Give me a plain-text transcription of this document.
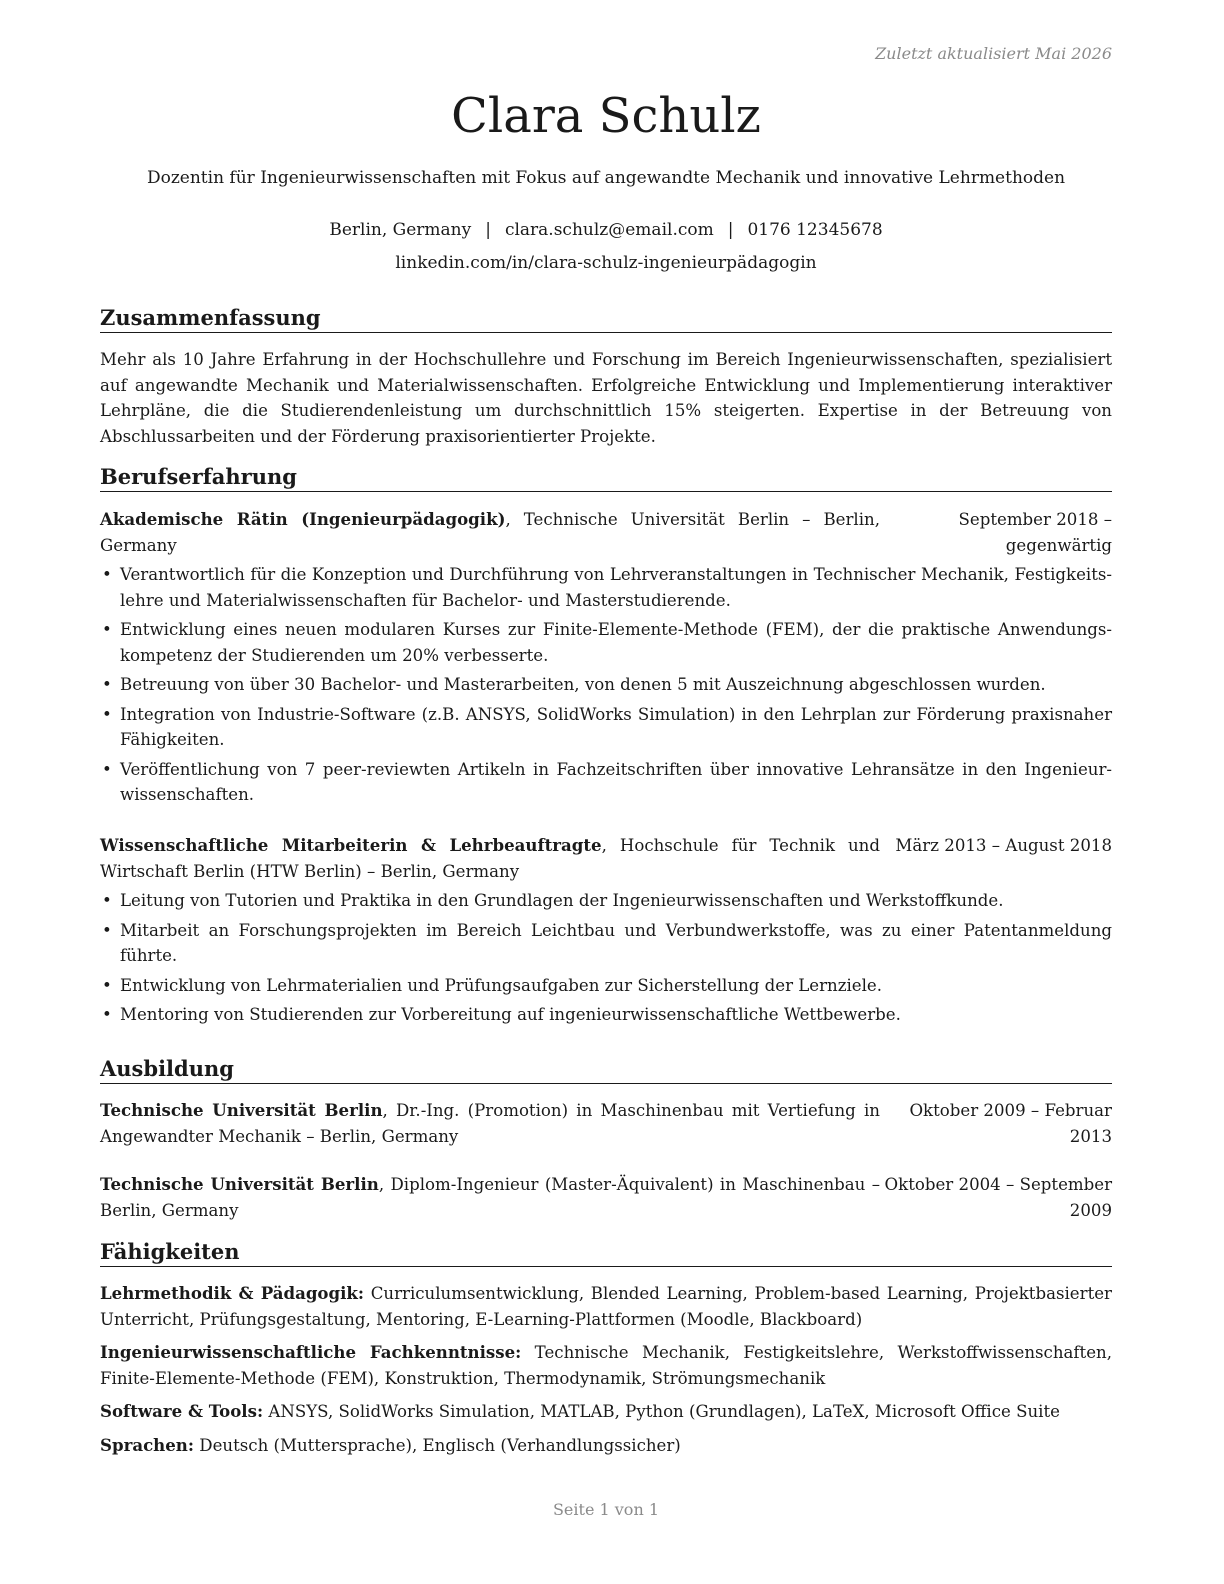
Zuletzt aktualisiert Mai 2026
Clara Schulz
Dozentin für Ingenieurwissenschaften mit Fokus auf angewandte Mechanik und innovative Lehrmethoden
Berlin, Germany | clara.schulz@email.com | 0176 12345678
linkedin.com/in/clara-schulz-ingenieurpädagogin
Zusammenfassung
Mehr als 10 Jahre Erfahrung in der Hochschullehre und Forschung im Bereich Ingenieurwissenschaften, spezialisiert auf angewandte Mechanik und Materialwissenschaften. Erfolgreiche Entwicklung und Implementierung interaktiver Lehrpläne, die die Studierendenleistung um durchschnittlich 15% steigerten. Expertise in der Betreuung von Abschlussarbeiten und der Förderung praxisorientierter Projekte.
Berufserfahrung
Akademische Rätin (Ingenieurpädagogik), Technische Universität Berlin – Berlin, Germany
September 2018 – gegenwärtig
• Verantwortlich für die Konzeption und Durchführung von Lehrveranstaltungen in Technischer Mechanik, Festigkeitslehre und Materialwissenschaften für Bachelor- und Masterstudierende.
• Entwicklung eines neuen modularen Kurses zur Finite-Elemente-Methode (FEM), der die praktische Anwendungskompetenz der Studierenden um 20% verbesserte.
• Betreuung von über 30 Bachelor- und Masterarbeiten, von denen 5 mit Auszeichnung abgeschlossen wurden.
• Integration von Industrie-Software (z.B. ANSYS, SolidWorks Simulation) in den Lehrplan zur Förderung praxisnaher Fähigkeiten.
• Veröffentlichung von 7 peer-reviewten Artikeln in Fachzeitschriften über innovative Lehransätze in den Ingenieurwissenschaften.
Wissenschaftliche Mitarbeiterin & Lehrbeauftragte, Hochschule für Technik und Wirtschaft Berlin (HTW Berlin) – Berlin, Germany
März 2013 – August 2018
• Leitung von Tutorien und Praktika in den Grundlagen der Ingenieurwissenschaften und Werkstoffkunde.
• Mitarbeit an Forschungsprojekten im Bereich Leichtbau und Verbundwerkstoffe, was zu einer Patentanmeldung führte.
• Entwicklung von Lehrmaterialien und Prüfungsaufgaben zur Sicherstellung der Lernziele.
• Mentoring von Studierenden zur Vorbereitung auf ingenieurwissenschaftliche Wettbewerbe.
Ausbildung
Technische Universität Berlin, Dr.-Ing. (Promotion) in Maschinenbau mit Vertiefung in Angewandter Mechanik – Berlin, Germany
Oktober 2009 – Februar 2013
Technische Universität Berlin, Diplom-Ingenieur (Master-Äquivalent) in Maschinenbau – Berlin, Germany
Oktober 2004 – September 2009
Fähigkeiten
Lehrmethodik & Pädagogik: Curriculumsentwicklung, Blended Learning, Problem-based Learning, Projektbasierter Unterricht, Prüfungsgestaltung, Mentoring, E-Learning-Plattformen (Moodle, Blackboard)
Ingenieurwissenschaftliche Fachkenntnisse: Technische Mechanik, Festigkeitslehre, Werkstoffwissenschaften, Finite-Elemente-Methode (FEM), Konstruktion, Thermodynamik, Strömungsmechanik
Software & Tools: ANSYS, SolidWorks Simulation, MATLAB, Python (Grundlagen), LaTeX, Microsoft Office Suite
Sprachen: Deutsch (Muttersprache), Englisch (Verhandlungssicher)
Seite 1 von 1
